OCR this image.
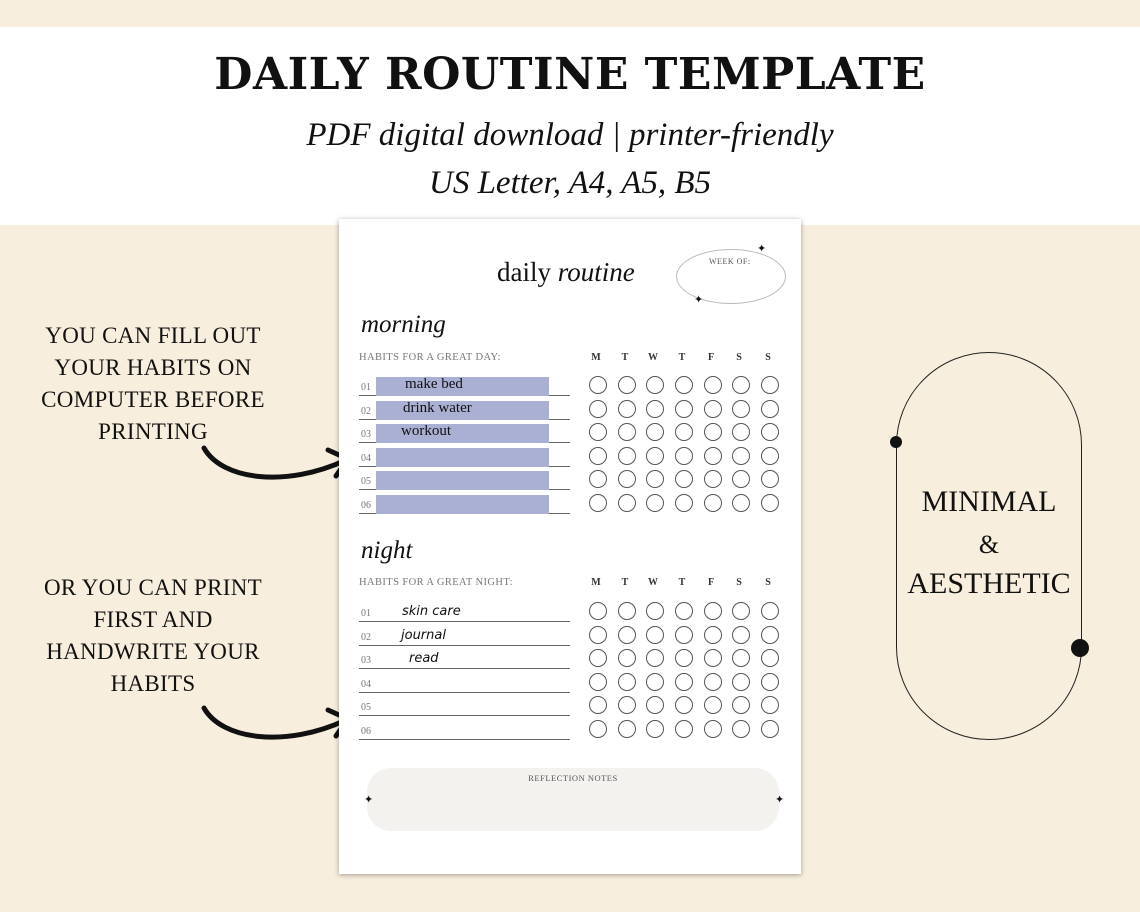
DAILY ROUTINE TEMPLATE
PDF digital download | printer-friendly
US Letter, A4, A5, B5
YOU CAN FILL OUT
YOUR HABITS ON
COMPUTER BEFORE
PRINTING
OR YOU CAN PRINT
FIRST AND
HANDWRITE YOUR
HABITS
MINIMAL
&
AESTHETIC
daily routine	WEEK OF:
✦
✦
morning
HABITS FOR A GREAT DAY:
night
HABITS FOR A GREAT NIGHT:
REFLECTION NOTES
✦	✦
M	T	W	T	F	S	S
01 make bed
02 drink water
03 workout
04
05
06
M	T	W	T	F	S	S
01 skin care
02 journal
03	read
04
05
06
